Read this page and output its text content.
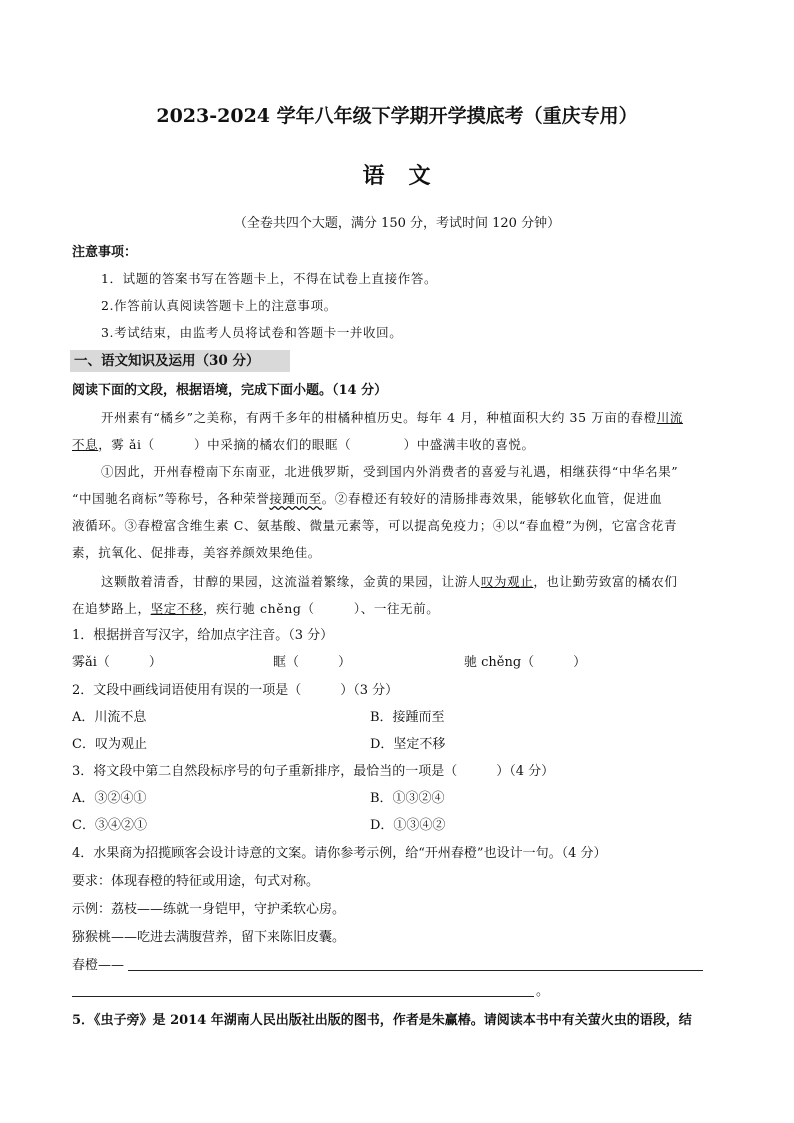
2023-2024 学年八年级下学期开学摸底考（重庆专用）
语　文
（全卷共四个大题，满分 150 分，考试时间 120 分钟）
注意事项：
1．试题的答案书写在答题卡上，不得在试卷上直接作答。
2.作答前认真阅读答题卡上的注意事项。
3.考试结束，由监考人员将试卷和答题卡一并收回。
一、语文知识及运用（30 分）
阅读下面的文段，根据语境，完成下面小题。（14 分）
开州素有“橘乡”之美称，有两千多年的柑橘种植历史。每年 4 月，种植面积大约 35 万亩的春橙川流
不息，雾 ǎi（　　　）中采摘的橘农们的眼眶（　　　　）中盛满丰收的喜悦。
①因此，开州春橙南下东南亚，北进俄罗斯，受到国内外消费者的喜爱与礼遇，相继获得“中华名果”
“中国驰名商标”等称号，各种荣誉接踵而至。②春橙还有较好的清肠排毒效果，能够软化血管，促进血
液循环。③春橙富含维生素 C、氨基酸、微量元素等，可以提高免疫力；④以“春血橙”为例，它富含花青
素，抗氧化、促排毒，美容养颜效果绝佳。
这颗散着清香，甘醇的果园，这流溢着繁缘，金黄的果园，让游人叹为观止，也让勤劳致富的橘农们
在追梦路上，坚定不移，疾行驰 chěng（　　　）、一往无前。
1．根据拼音写汉字，给加点字注音。（3 分）
雾ǎi（　　　）	眶（　　　）	驰 chěng（　　　）
2．文段中画线词语使用有误的一项是（　　　）（3 分）
A．川流不息	B．接踵而至
C．叹为观止	D．坚定不移
3．将文段中第二自然段标序号的句子重新排序，最恰当的一项是（　　　）（4 分）
A．③②④①	B．①③②④
C．③④②①	D．①③④②
4．水果商为招揽顾客会设计诗意的文案。请你参考示例，给“开州春橙”也设计一句。（4 分）
要求：体现春橙的特征或用途，句式对称。
示例：荔枝——练就一身铠甲，守护柔软心房。
猕猴桃——吃进去满腹营养，留下来陈旧皮囊。
春橙——
。
5．《虫子旁》是 2014 年湖南人民出版社出版的图书，作者是朱赢椿。请阅读本书中有关萤火虫的语段，结
